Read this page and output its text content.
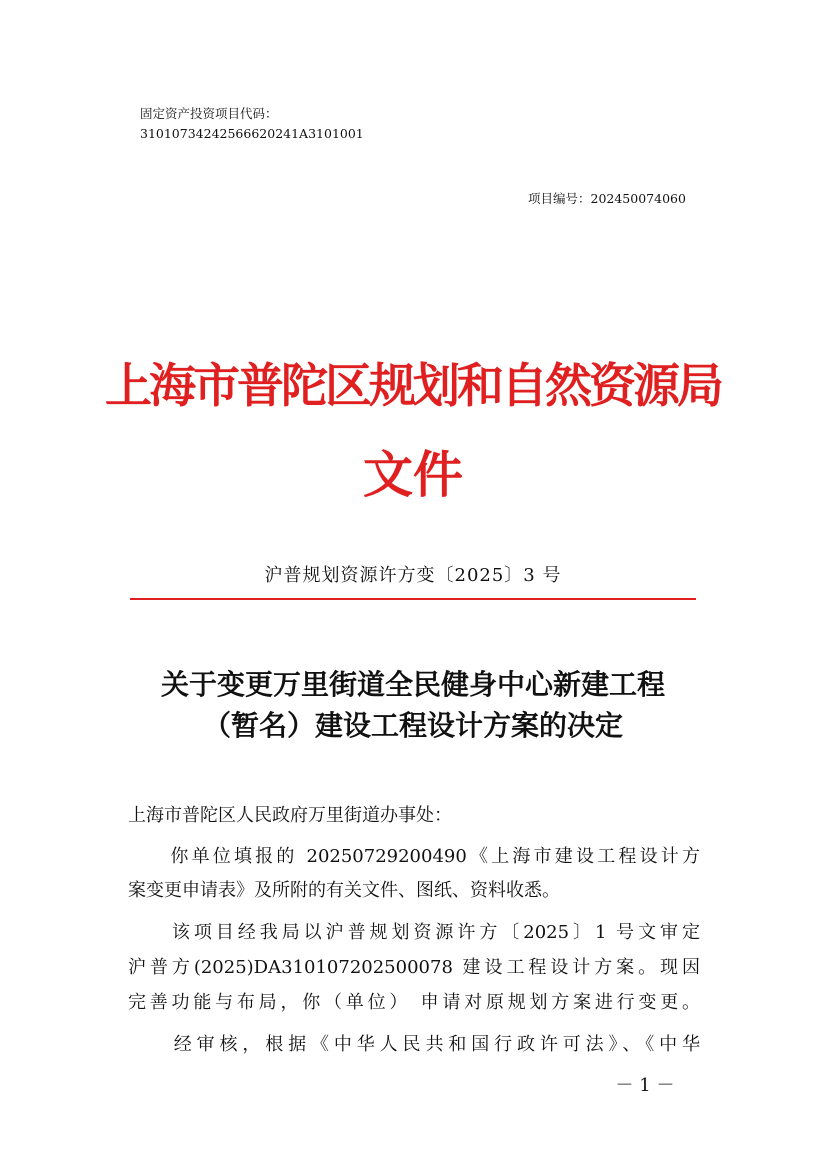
固定资产投资项目代码：
31010734242566620241A3101001
项目编号：202450074060
上海市普陀区规划和自然资源局
文件
沪普规划资源许方变〔2025〕3 号
关于变更万里街道全民健身中心新建工程
（暂名）建设工程设计方案的决定
上海市普陀区人民政府万里街道办事处：
　　你单位填报的 20250729200490《上海市建设工程设计方
案变更申请表》及所附的有关文件、图纸、资料收悉。
　　该项目经我局以沪普规划资源许方〔2025〕1 号文审定
沪普方(2025)DA310107202500078 建设工程设计方案。现因
完善功能与布局，你（单位） 申请对原规划方案进行变更。
　　经审核，根据《中华人民共和国行政许可法》、《中华
－ 1 －
